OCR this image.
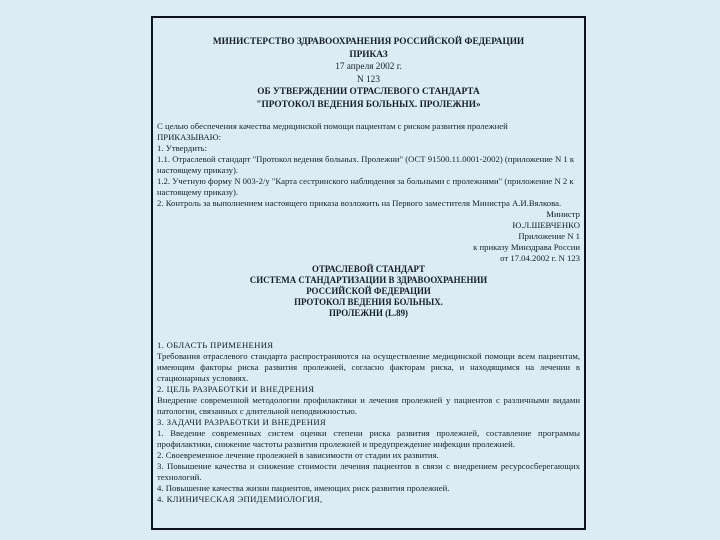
МИНИСТЕРСТВО ЗДРАВООХРАНЕНИЯ РОССИЙСКОЙ ФЕДЕРАЦИИ
ПРИКАЗ
17 апреля 2002 г.
N 123
ОБ УТВЕРЖДЕНИИ ОТРАСЛЕВОГО СТАНДАРТА
"ПРОТОКОЛ ВЕДЕНИЯ БОЛЬНЫХ. ПРОЛЕЖНИ»
С целью обеспечения качества медицинской помощи пациентам с риском развития пролежней
ПРИКАЗЫВАЮ:
1. Утвердить:
1.1. Отраслевой стандарт "Протокол ведения больных. Пролежни" (ОСТ 91500.11.0001-2002) (приложение N 1 к настоящему приказу).
1.2. Учетную форму N 003-2/у "Карта сестринского наблюдения за больными с пролежнями" (приложение N 2 к настоящему приказу).
2. Контроль за выполнением настоящего приказа возложить на Первого заместителя Министра А.И.Вялкова.
Министр
Ю.Л.ШЕВЧЕНКО
Приложение N 1
к приказу Минздрава России
от 17.04.2002 г. N 123
ОТРАСЛЕВОЙ СТАНДАРТ
СИСТЕМА СТАНДАРТИЗАЦИИ В ЗДРАВООХРАНЕНИИ
РОССИЙСКОЙ ФЕДЕРАЦИИ
ПРОТОКОЛ ВЕДЕНИЯ БОЛЬНЫХ.
ПРОЛЕЖНИ (L.89)
1. ОБЛАСТЬ ПРИМЕНЕНИЯ
Требования отраслевого стандарта распространяются на осуществление медицинской помощи всем пациентам, имеющим факторы риска развития пролежней, согласно факторам риска, и находящимся на лечении в стационарных условиях.
2. ЦЕЛЬ РАЗРАБОТКИ И ВНЕДРЕНИЯ
Внедрение современной методологии профилактики и лечения пролежней у пациентов с различными видами патологии, связанных с длительной неподвижностью.
3. ЗАДАЧИ РАЗРАБОТКИ И ВНЕДРЕНИЯ
1. Введение современных систем оценки степени риска развития пролежней, составление программы профилактики, снижение частоты развития пролежней и предупреждение инфекции пролежней.
2. Своевременное лечение пролежней в зависимости от стадии их развития.
3. Повышение качества и снижение стоимости лечения пациентов в связи с внедрением ресурсосберегающих технологий.
4. Повышение качества жизни пациентов, имеющих риск развития пролежней.
4. КЛИНИЧЕСКАЯ ЭПИДЕМИОЛОГИЯ,
